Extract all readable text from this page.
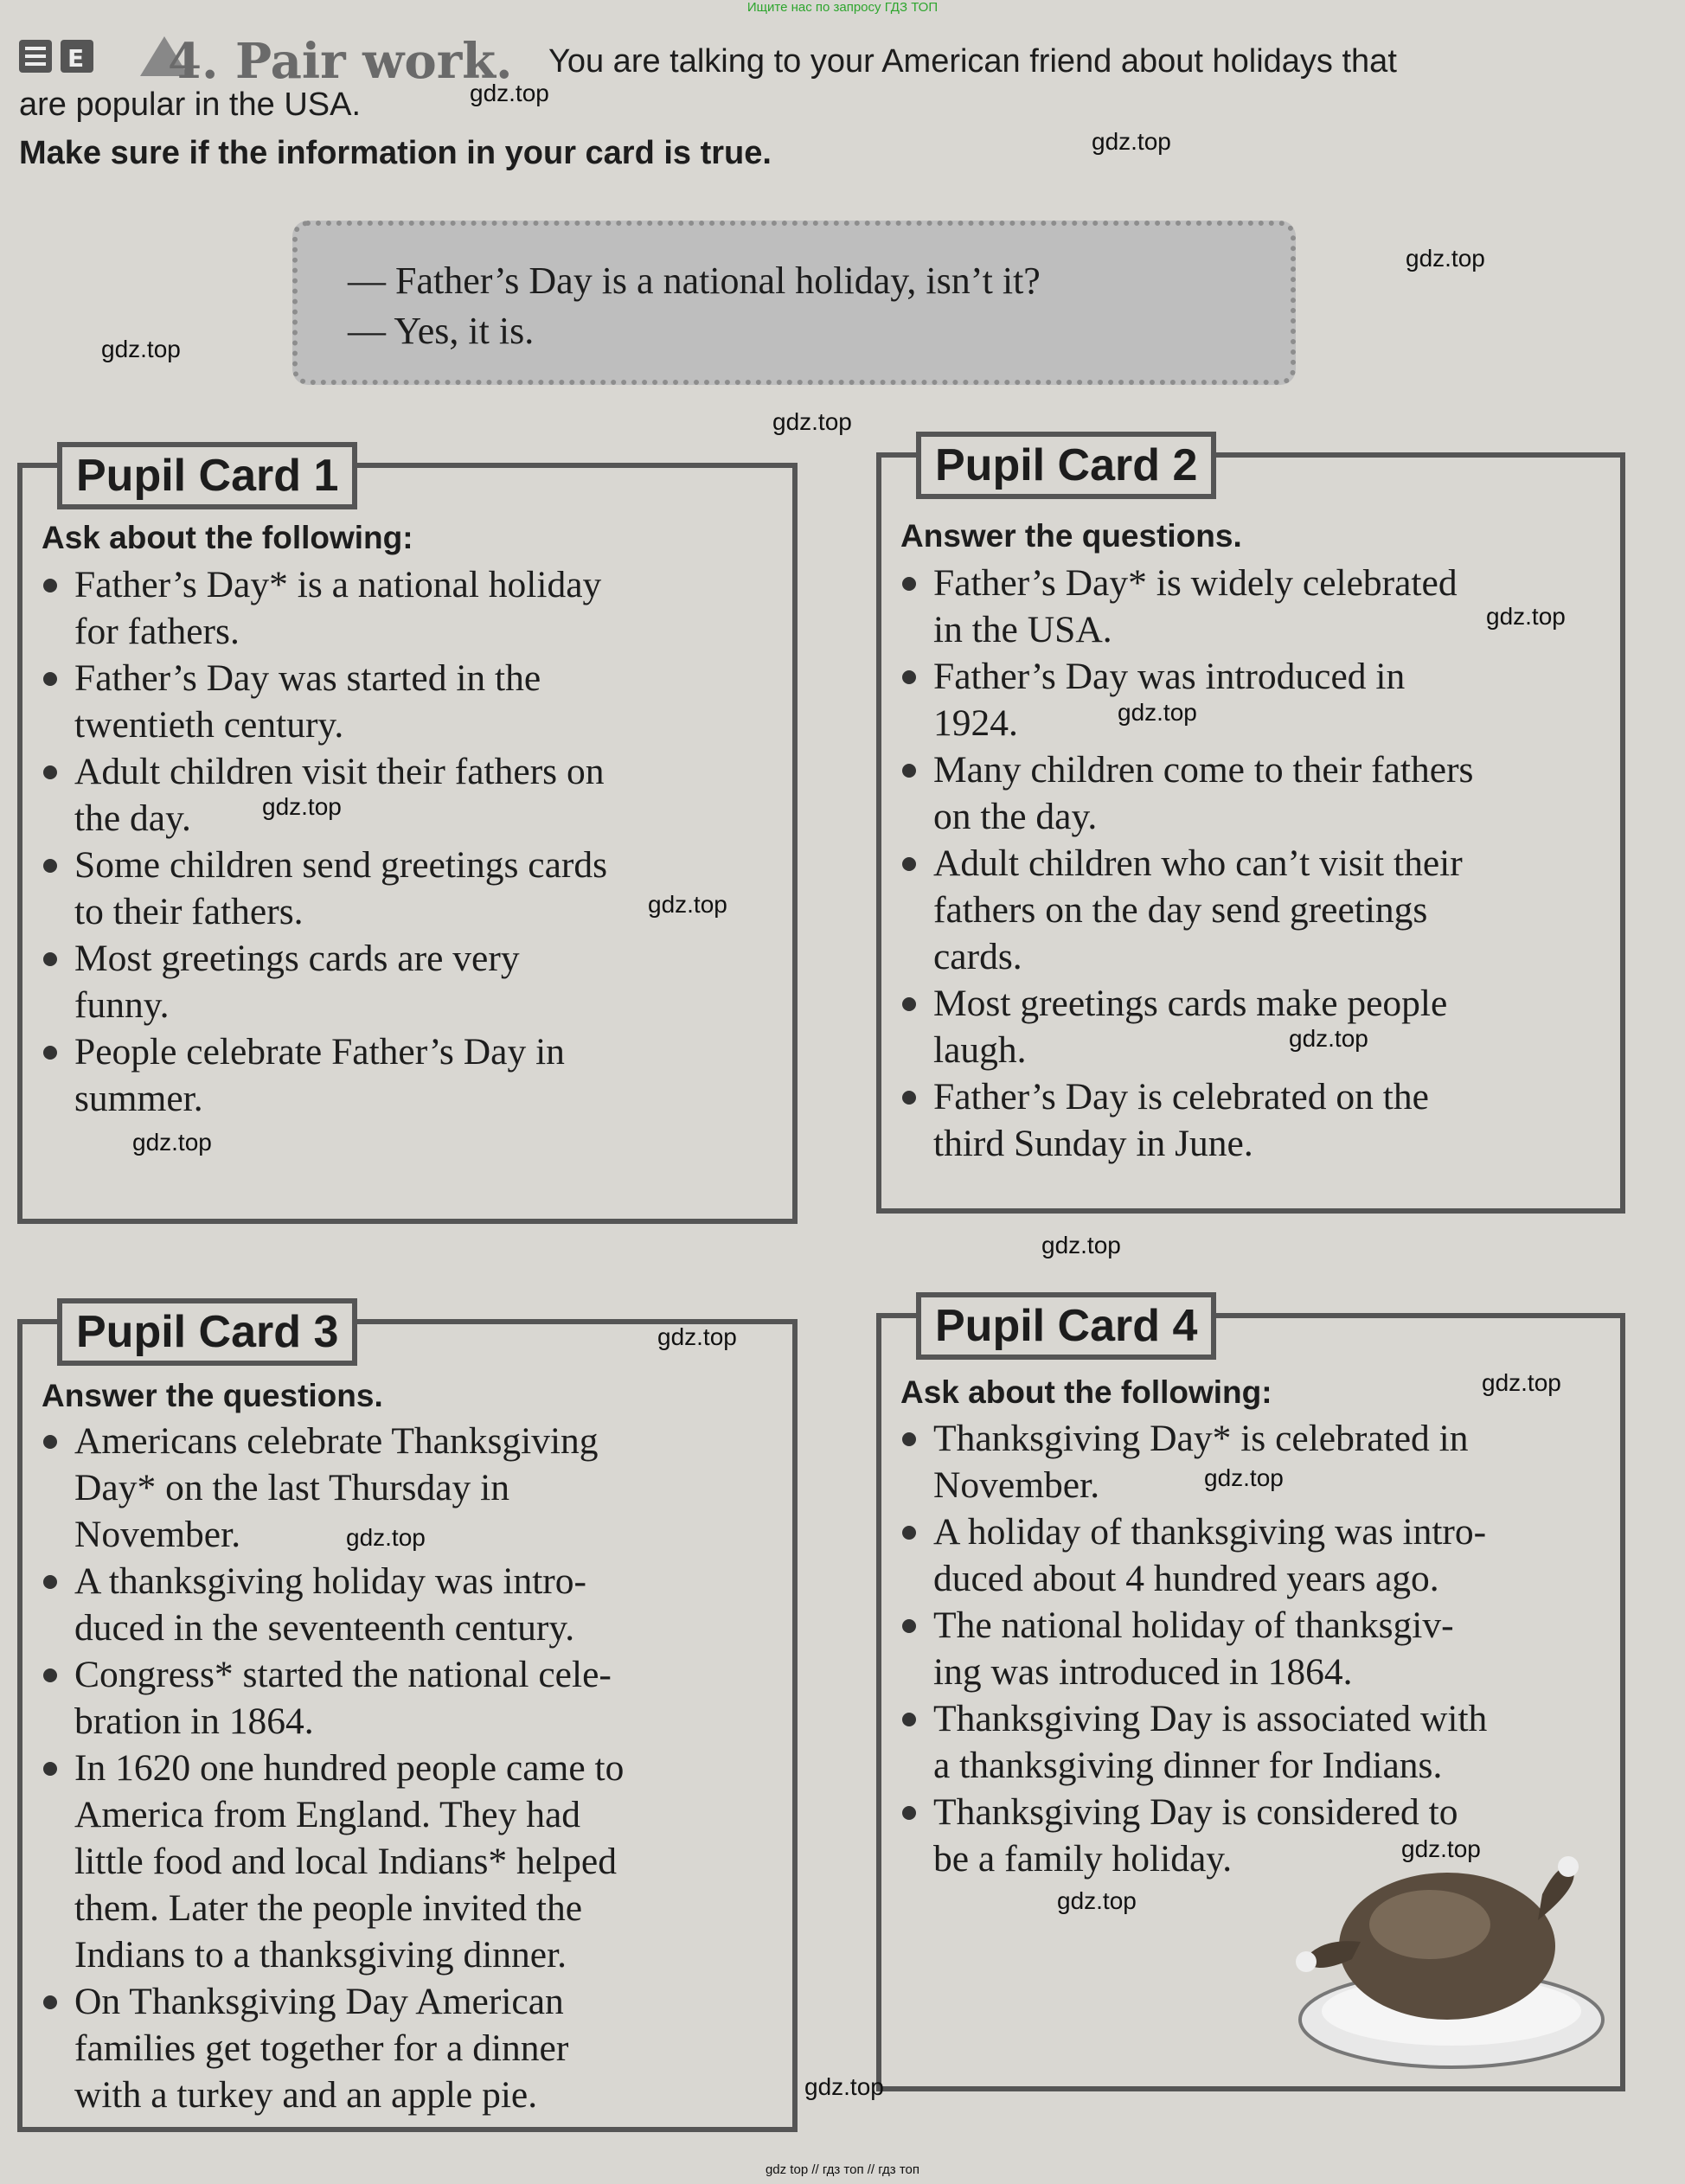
Ищите нас по запросу ГДЗ ТОП
E 4. Pair work. You are talking to your American friend about holidays that
are popular in the USA.
Make sure if the information in your card is true.
— Father’s Day is a national holiday, isn’t it?
— Yes, it is.
Pupil Card 1
Ask about the following:
Father’s Day* is a national holiday
for fathers.
Father’s Day was started in the
twentieth century.
Adult children visit their fathers on
the day.
Some children send greetings cards
to their fathers.
Most greetings cards are very
funny.
People celebrate Father’s Day in
summer.
Pupil Card 2
Answer the questions.
Father’s Day* is widely celebrated
in the USA.
Father’s Day was introduced in
1924.
Many children come to their fathers
on the day.
Adult children who can’t visit their
fathers on the day send greetings
cards.
Most greetings cards make people
laugh.
Father’s Day is celebrated on the
third Sunday in June.
Pupil Card 3
Answer the questions.
Americans celebrate Thanksgiving
Day* on the last Thursday in
November.
A thanksgiving holiday was intro-
duced in the seventeenth century.
Congress* started the national cele-
bration in 1864.
In 1620 one hundred people came to
America from England. They had
little food and local Indians* helped
them. Later the people invited the
Indians to a thanksgiving dinner.
On Thanksgiving Day American
families get together for a dinner
with a turkey and an apple pie.
Pupil Card 4
Ask about the following:
Thanksgiving Day* is celebrated in
November.
A holiday of thanksgiving was intro-
duced about 4 hundred years ago.
The national holiday of thanksgiv-
ing was introduced in 1864.
Thanksgiving Day is associated with
a thanksgiving dinner for Indians.
Thanksgiving Day is considered to
be a family holiday.
gdz.top
gdz.top
gdz.top
gdz.top
gdz.top
gdz.top
gdz.top
gdz.top
gdz.top
gdz.top
gdz.top
gdz.top
gdz.top
gdz.top
gdz.top
gdz.top
gdz.top
gdz.top
gdz.top
gdz top // гдз топ // гдз топ
